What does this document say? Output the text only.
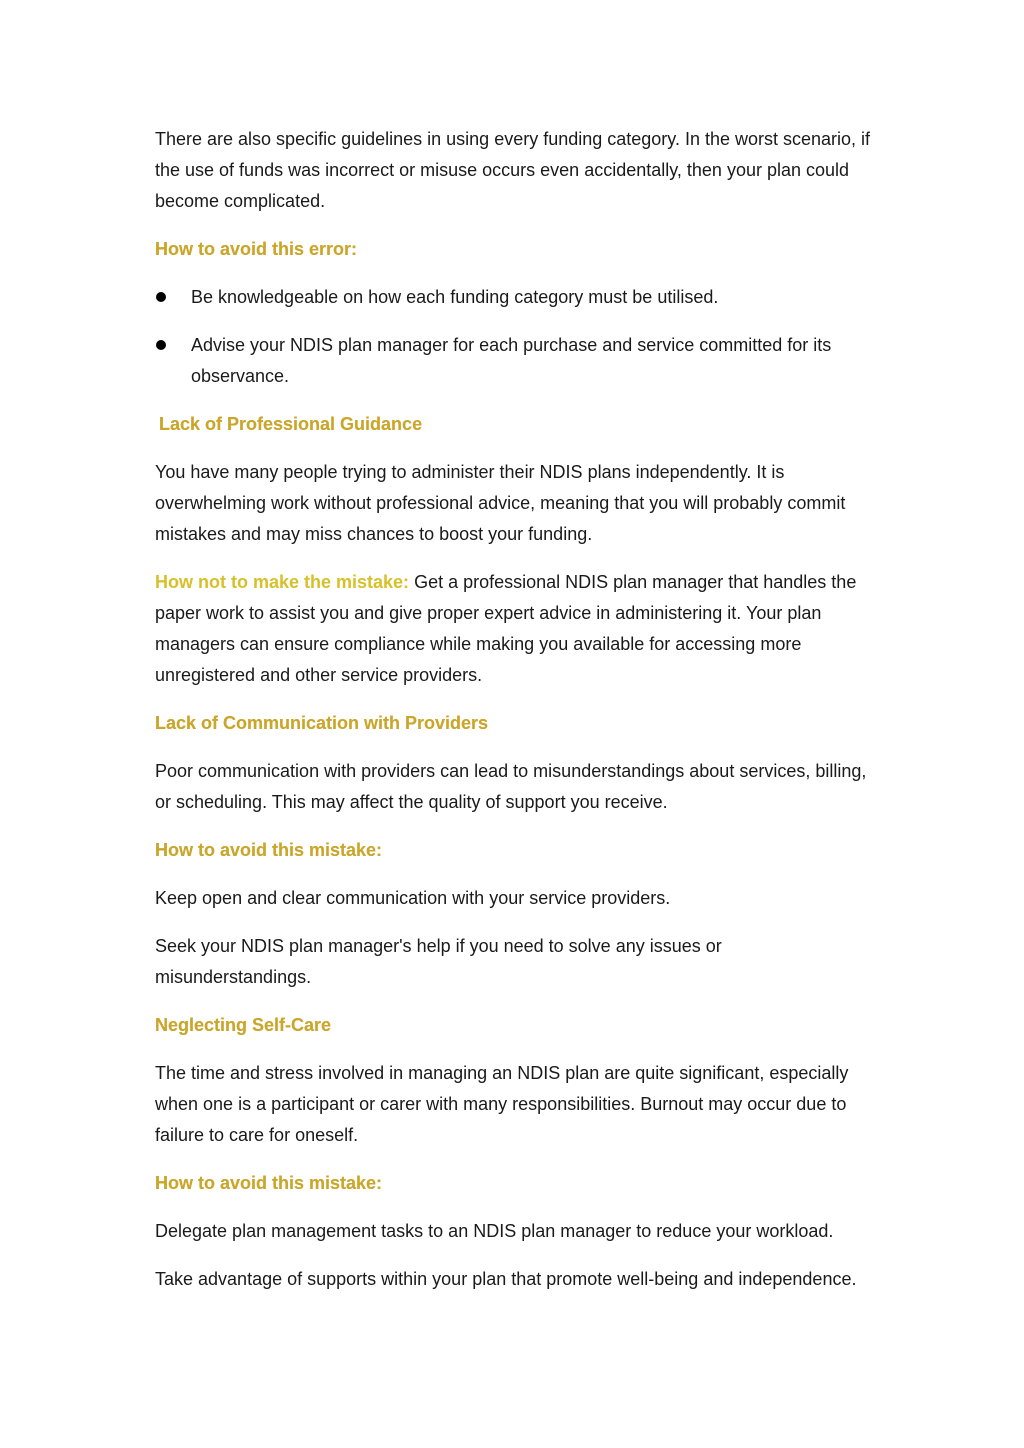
There are also specific guidelines in using every funding category. In the worst scenario, if the use of funds was incorrect or misuse occurs even accidentally, then your plan could become complicated.

How to avoid this error:
Be knowledgeable on how each funding category must be utilised.
Advise your NDIS plan manager for each purchase and service committed for its observance.
Lack of Professional Guidance

You have many people trying to administer their NDIS plans independently. It is overwhelming work without professional advice, meaning that you will probably commit mistakes and may miss chances to boost your funding.

How not to make the mistake: Get a professional NDIS plan manager that handles the paper work to assist you and give proper expert advice in administering it. Your plan managers can ensure compliance while making you available for accessing more unregistered and other service providers.

Lack of Communication with Providers

Poor communication with providers can lead to misunderstandings about services, billing, or scheduling. This may affect the quality of support you receive.

How to avoid this mistake:

Keep open and clear communication with your service providers.

Seek your NDIS plan manager's help if you need to solve any issues or misunderstandings.

Neglecting Self-Care

The time and stress involved in managing an NDIS plan are quite significant, especially when one is a participant or carer with many responsibilities. Burnout may occur due to failure to care for oneself.

How to avoid this mistake:

Delegate plan management tasks to an NDIS plan manager to reduce your workload.

Take advantage of supports within your plan that promote well-being and independence.
